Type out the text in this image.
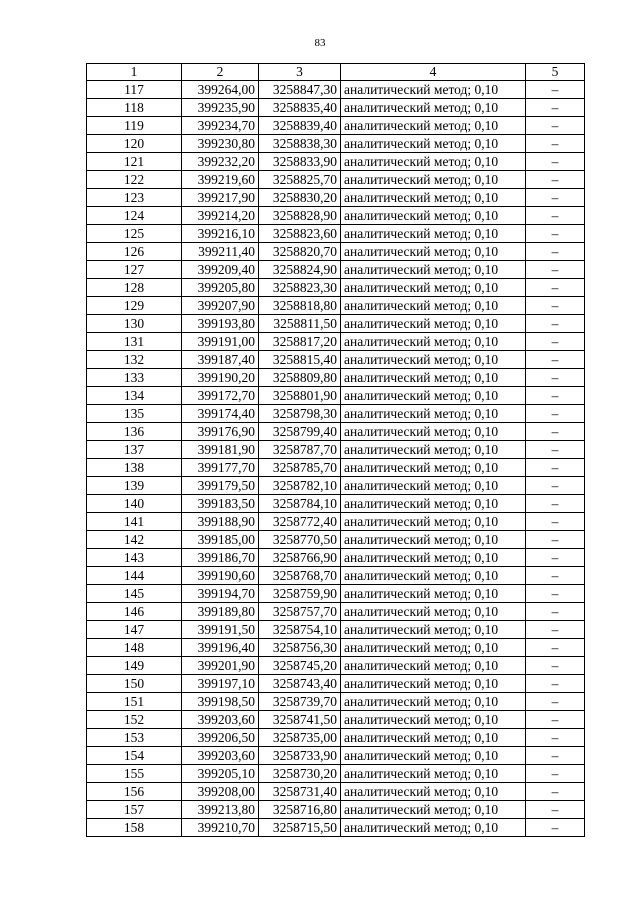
83
1	2	3	4	5
117	399264,00	3258847,30	аналитический метод; 0,10	–
118	399235,90	3258835,40	аналитический метод; 0,10	–
119	399234,70	3258839,40	аналитический метод; 0,10	–
120	399230,80	3258838,30	аналитический метод; 0,10	–
121	399232,20	3258833,90	аналитический метод; 0,10	–
122	399219,60	3258825,70	аналитический метод; 0,10	–
123	399217,90	3258830,20	аналитический метод; 0,10	–
124	399214,20	3258828,90	аналитический метод; 0,10	–
125	399216,10	3258823,60	аналитический метод; 0,10	–
126	399211,40	3258820,70	аналитический метод; 0,10	–
127	399209,40	3258824,90	аналитический метод; 0,10	–
128	399205,80	3258823,30	аналитический метод; 0,10	–
129	399207,90	3258818,80	аналитический метод; 0,10	–
130	399193,80	3258811,50	аналитический метод; 0,10	–
131	399191,00	3258817,20	аналитический метод; 0,10	–
132	399187,40	3258815,40	аналитический метод; 0,10	–
133	399190,20	3258809,80	аналитический метод; 0,10	–
134	399172,70	3258801,90	аналитический метод; 0,10	–
135	399174,40	3258798,30	аналитический метод; 0,10	–
136	399176,90	3258799,40	аналитический метод; 0,10	–
137	399181,90	3258787,70	аналитический метод; 0,10	–
138	399177,70	3258785,70	аналитический метод; 0,10	–
139	399179,50	3258782,10	аналитический метод; 0,10	–
140	399183,50	3258784,10	аналитический метод; 0,10	–
141	399188,90	3258772,40	аналитический метод; 0,10	–
142	399185,00	3258770,50	аналитический метод; 0,10	–
143	399186,70	3258766,90	аналитический метод; 0,10	–
144	399190,60	3258768,70	аналитический метод; 0,10	–
145	399194,70	3258759,90	аналитический метод; 0,10	–
146	399189,80	3258757,70	аналитический метод; 0,10	–
147	399191,50	3258754,10	аналитический метод; 0,10	–
148	399196,40	3258756,30	аналитический метод; 0,10	–
149	399201,90	3258745,20	аналитический метод; 0,10	–
150	399197,10	3258743,40	аналитический метод; 0,10	–
151	399198,50	3258739,70	аналитический метод; 0,10	–
152	399203,60	3258741,50	аналитический метод; 0,10	–
153	399206,50	3258735,00	аналитический метод; 0,10	–
154	399203,60	3258733,90	аналитический метод; 0,10	–
155	399205,10	3258730,20	аналитический метод; 0,10	–
156	399208,00	3258731,40	аналитический метод; 0,10	–
157	399213,80	3258716,80	аналитический метод; 0,10	–
158	399210,70	3258715,50	аналитический метод; 0,10	–
